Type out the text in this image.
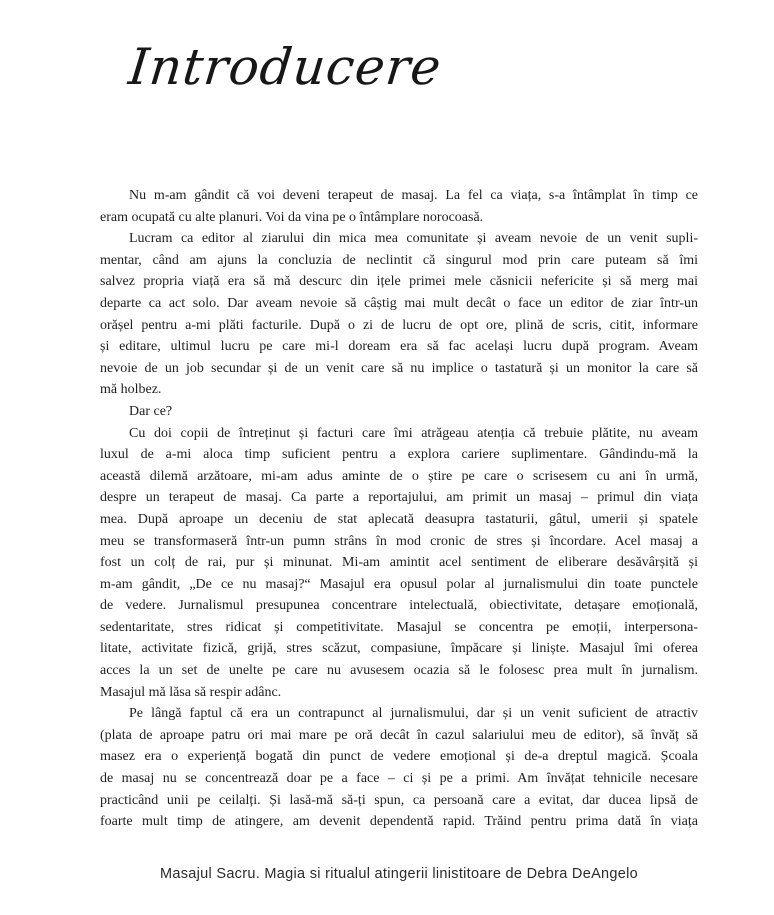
Introducere
Nu m-am gândit că voi deveni terapeut de masaj. La fel ca viața, s-a întâmplat în timp ce
eram ocupată cu alte planuri. Voi da vina pe o întâmplare norocoasă.
Lucram ca editor al ziarului din mica mea comunitate și aveam nevoie de un venit supli-
mentar, când am ajuns la concluzia de neclintit că singurul mod prin care puteam să îmi
salvez propria viață era să mă descurc din ițele primei mele căsnicii nefericite și să merg mai
departe ca act solo. Dar aveam nevoie să câștig mai mult decât o face un editor de ziar într-un
orășel pentru a-mi plăti facturile. După o zi de lucru de opt ore, plină de scris, citit, informare
și editare, ultimul lucru pe care mi-l doream era să fac același lucru după program. Aveam
nevoie de un job secundar și de un venit care să nu implice o tastatură și un monitor la care să
mă holbez.
Dar ce?
Cu doi copii de întreținut și facturi care îmi atrăgeau atenția că trebuie plătite, nu aveam
luxul de a-mi aloca timp suficient pentru a explora cariere suplimentare. Gândindu-mă la
această dilemă arzătoare, mi-am adus aminte de o știre pe care o scrisesem cu ani în urmă,
despre un terapeut de masaj. Ca parte a reportajului, am primit un masaj – primul din viața
mea. După aproape un deceniu de stat aplecată deasupra tastaturii, gâtul, umerii și spatele
meu se transformaseră într-un pumn strâns în mod cronic de stres și încordare. Acel masaj a
fost un colț de rai, pur și minunat. Mi-am amintit acel sentiment de eliberare desăvârșită și
m-am gândit, „De ce nu masaj?“ Masajul era opusul polar al jurnalismului din toate punctele
de vedere. Jurnalismul presupunea concentrare intelectuală, obiectivitate, detașare emoțională,
sedentaritate, stres ridicat și competitivitate. Masajul se concentra pe emoții, interpersona-
litate, activitate fizică, grijă, stres scăzut, compasiune, împăcare și liniște. Masajul îmi oferea
acces la un set de unelte pe care nu avusesem ocazia să le folosesc prea mult în jurnalism.
Masajul mă lăsa să respir adânc.
Pe lângă faptul că era un contrapunct al jurnalismului, dar și un venit suficient de atractiv
(plata de aproape patru ori mai mare pe oră decât în cazul salariului meu de editor), să învăț să
masez era o experiență bogată din punct de vedere emoțional și de-a dreptul magică. Școala
de masaj nu se concentrează doar pe a face – ci și pe a primi. Am învățat tehnicile necesare
practicând unii pe ceilalți. Și lasă-mă să-ți spun, ca persoană care a evitat, dar ducea lipsă de
foarte mult timp de atingere, am devenit dependentă rapid. Trăind pentru prima dată în viața
Masajul Sacru. Magia si ritualul atingerii linistitoare de Debra DeAngelo
